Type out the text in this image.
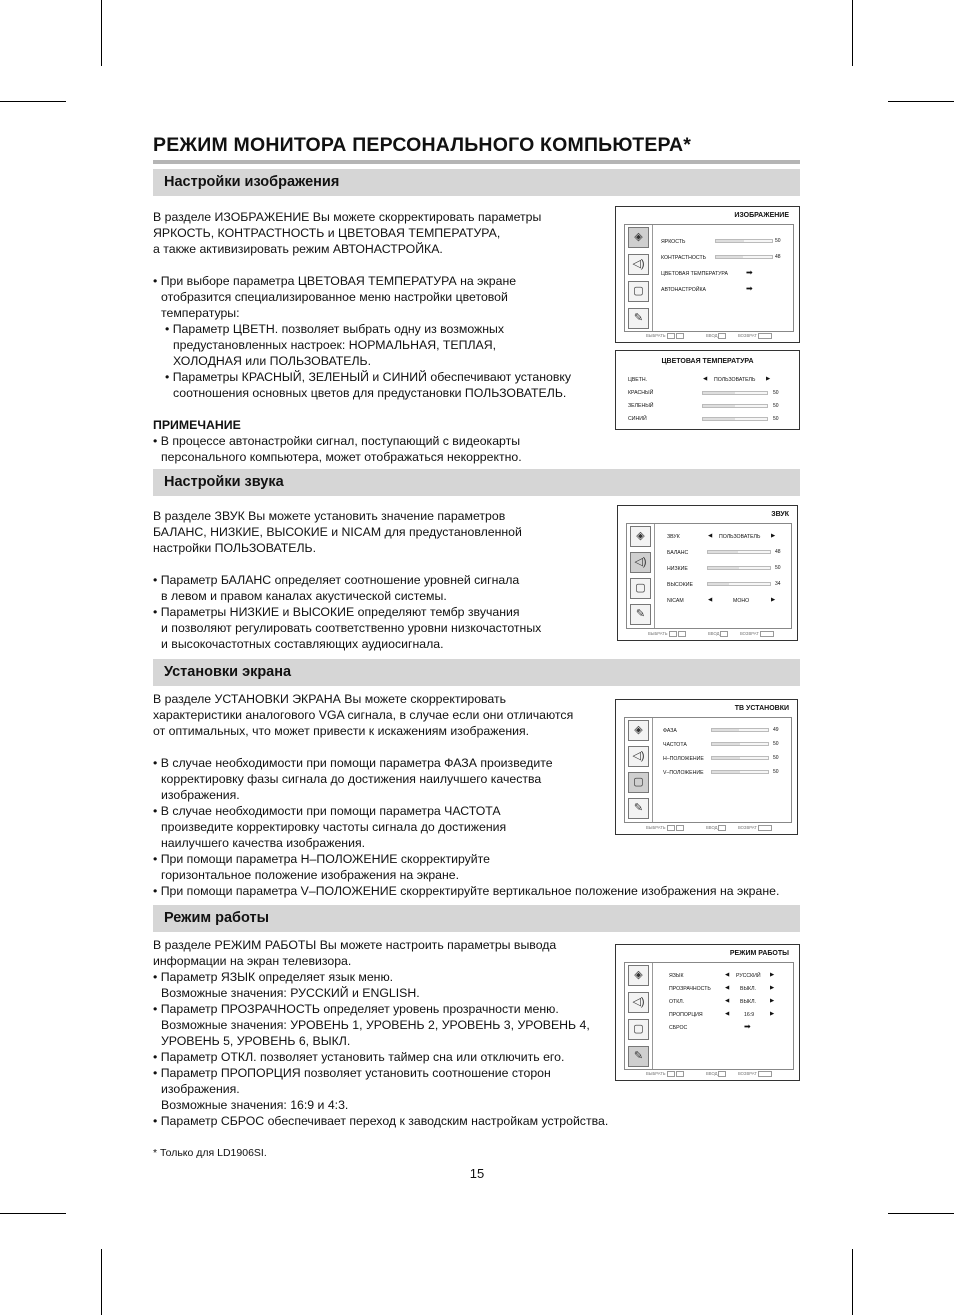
РЕЖИМ МОНИТОРА ПЕРСОНАЛЬНОГО КОМПЬЮТЕРА*
Настройки изображения

В разделе ИЗОБРАЖЕНИЕ Вы можете скорректировать параметры

ЯРКОСТЬ, КОНТРАСТНОСТЬ и ЦВЕТОВАЯ ТЕМПЕРАТУРА,

а также активизировать режим АВТОНАСТРОЙКА.

• При выборе параметра ЦВЕТОВАЯ ТЕМПЕРАТУРА на экране

отобразится специализированное меню настройки цветовой

температуры:

• Параметр ЦВЕТН. позволяет выбрать одну из возможных

предустановленных настроек: НОРМАЛЬНАЯ, ТЕПЛАЯ,

ХОЛОДНАЯ или ПОЛЬЗОВАТЕЛЬ.

• Параметры КРАСНЫЙ, ЗЕЛЕНЫЙ и СИНИЙ обеспечивают установку

соотношения основных цветов для предустановки ПОЛЬЗОВАТЕЛЬ.

ПРИМЕЧАНИЕ

• В процессе автонастройки сигнал, поступающий с видеокарты

персонального компьютера, может отображаться некорректно.

ИЗОБРАЖЕНИЕ
◈
◁)
▢
✎
ЯРКОСТЬ	50
КОНТРАСТНОСТЬ	48
ЦВЕТОВАЯ ТЕМПЕРАТУРА ➡
АВТОНАСТРОЙКА	➡
ВЫБРАТЬ	ВВОД	ВОЗВРАТ
ЦВЕТОВАЯ ТЕМПЕРАТУРА
ЦВЕТН.	◀ ПОЛЬЗОВАТЕЛЬ ▶
КРАСНЫЙ	50
ЗЕЛЕНЫЙ	50
СИНИЙ	50
Настройки звука

В разделе ЗВУК Вы можете установить значение параметров

БАЛАНС, НИЗКИЕ, ВЫСОКИЕ и NICAM для предустановленной

настройки ПОЛЬЗОВАТЕЛЬ.

• Параметр БАЛАНС определяет соотношение уровней сигнала

в левом и правом каналах акустической системы.

• Параметры НИЗКИЕ и ВЫСОКИЕ определяют тембр звучания

и позволяют регулировать соответственно уровни низкочастотных

и высокочастотных составляющих аудиосигнала.

ЗВУК
◈
◁)
▢
✎
ЗВУК	◀ ПОЛЬЗОВАТЕЛЬ ▶
БАЛАНС	48
НИЗКИЕ	50
ВЫСОКИЕ	34
NICAM	◀	МОНО	▶
ВЫБРАТЬ	ВВОД	ВОЗВРАТ
Установки экрана

В разделе УСТАНОВКИ ЭКРАНА Вы можете скорректировать

характеристики аналогового VGA сигнала, в случае если они отличаются

от оптимальных, что может привести к искажениям изображения.

• В случае необходимости при помощи параметра ФАЗА произведите

корректировку фазы сигнала до достижения наилучшего качества

изображения.

• В случае необходимости при помощи параметра ЧАСТОТА

произведите корректировку частоты сигнала до достижения

наилучшего качества изображения.

• При помощи параметра H–ПОЛОЖЕНИЕ скорректируйте

горизонтальное положение изображения на экране.

• При помощи параметра V–ПОЛОЖЕНИЕ скорректируйте вертикальное положение изображения на экране.

ТВ УСТАНОВКИ
◈
◁)
▢
✎
ФАЗА	49
ЧАСТОТА	50
H–ПОЛОЖЕНИЕ	50
V–ПОЛОЖЕНИЕ	50
ВЫБРАТЬ	ВВОД	ВОЗВРАТ
Режим работы

В разделе РЕЖИМ РАБОТЫ Вы можете настроить параметры вывода

информации на экран телевизора.

• Параметр ЯЗЫК определяет язык меню.

Возможные значения: РУССКИЙ и ENGLISH.

• Параметр ПРОЗРАЧНОСТЬ определяет уровень прозрачности меню.

Возможные значения: УРОВЕНЬ 1, УРОВЕНЬ 2, УРОВЕНЬ 3, УРОВЕНЬ 4,

УРОВЕНЬ 5, УРОВЕНЬ 6, ВЫКЛ.

• Параметр ОТКЛ. позволяет установить таймер сна или отключить его.

• Параметр ПРОПОРЦИЯ позволяет установить соотношение сторон

изображения.

Возможные значения: 16:9 и 4:3.

• Параметр СБРОС обеспечивает переход к заводским настройкам устройства.

РЕЖИМ РАБОТЫ
◈
◁)
▢
✎
ЯЗЫК	◀ РУССКИЙ ▶
ПРОЗРАЧНОСТЬ	◀ ВЫКЛ.	▶
ОТКЛ.	◀ ВЫКЛ.	▶
ПРОПОРЦИЯ	◀	16:9	▶
СБРОС	➡
ВЫБРАТЬ	ВВОД	ВОЗВРАТ
* Только для LD1906SI.
15
